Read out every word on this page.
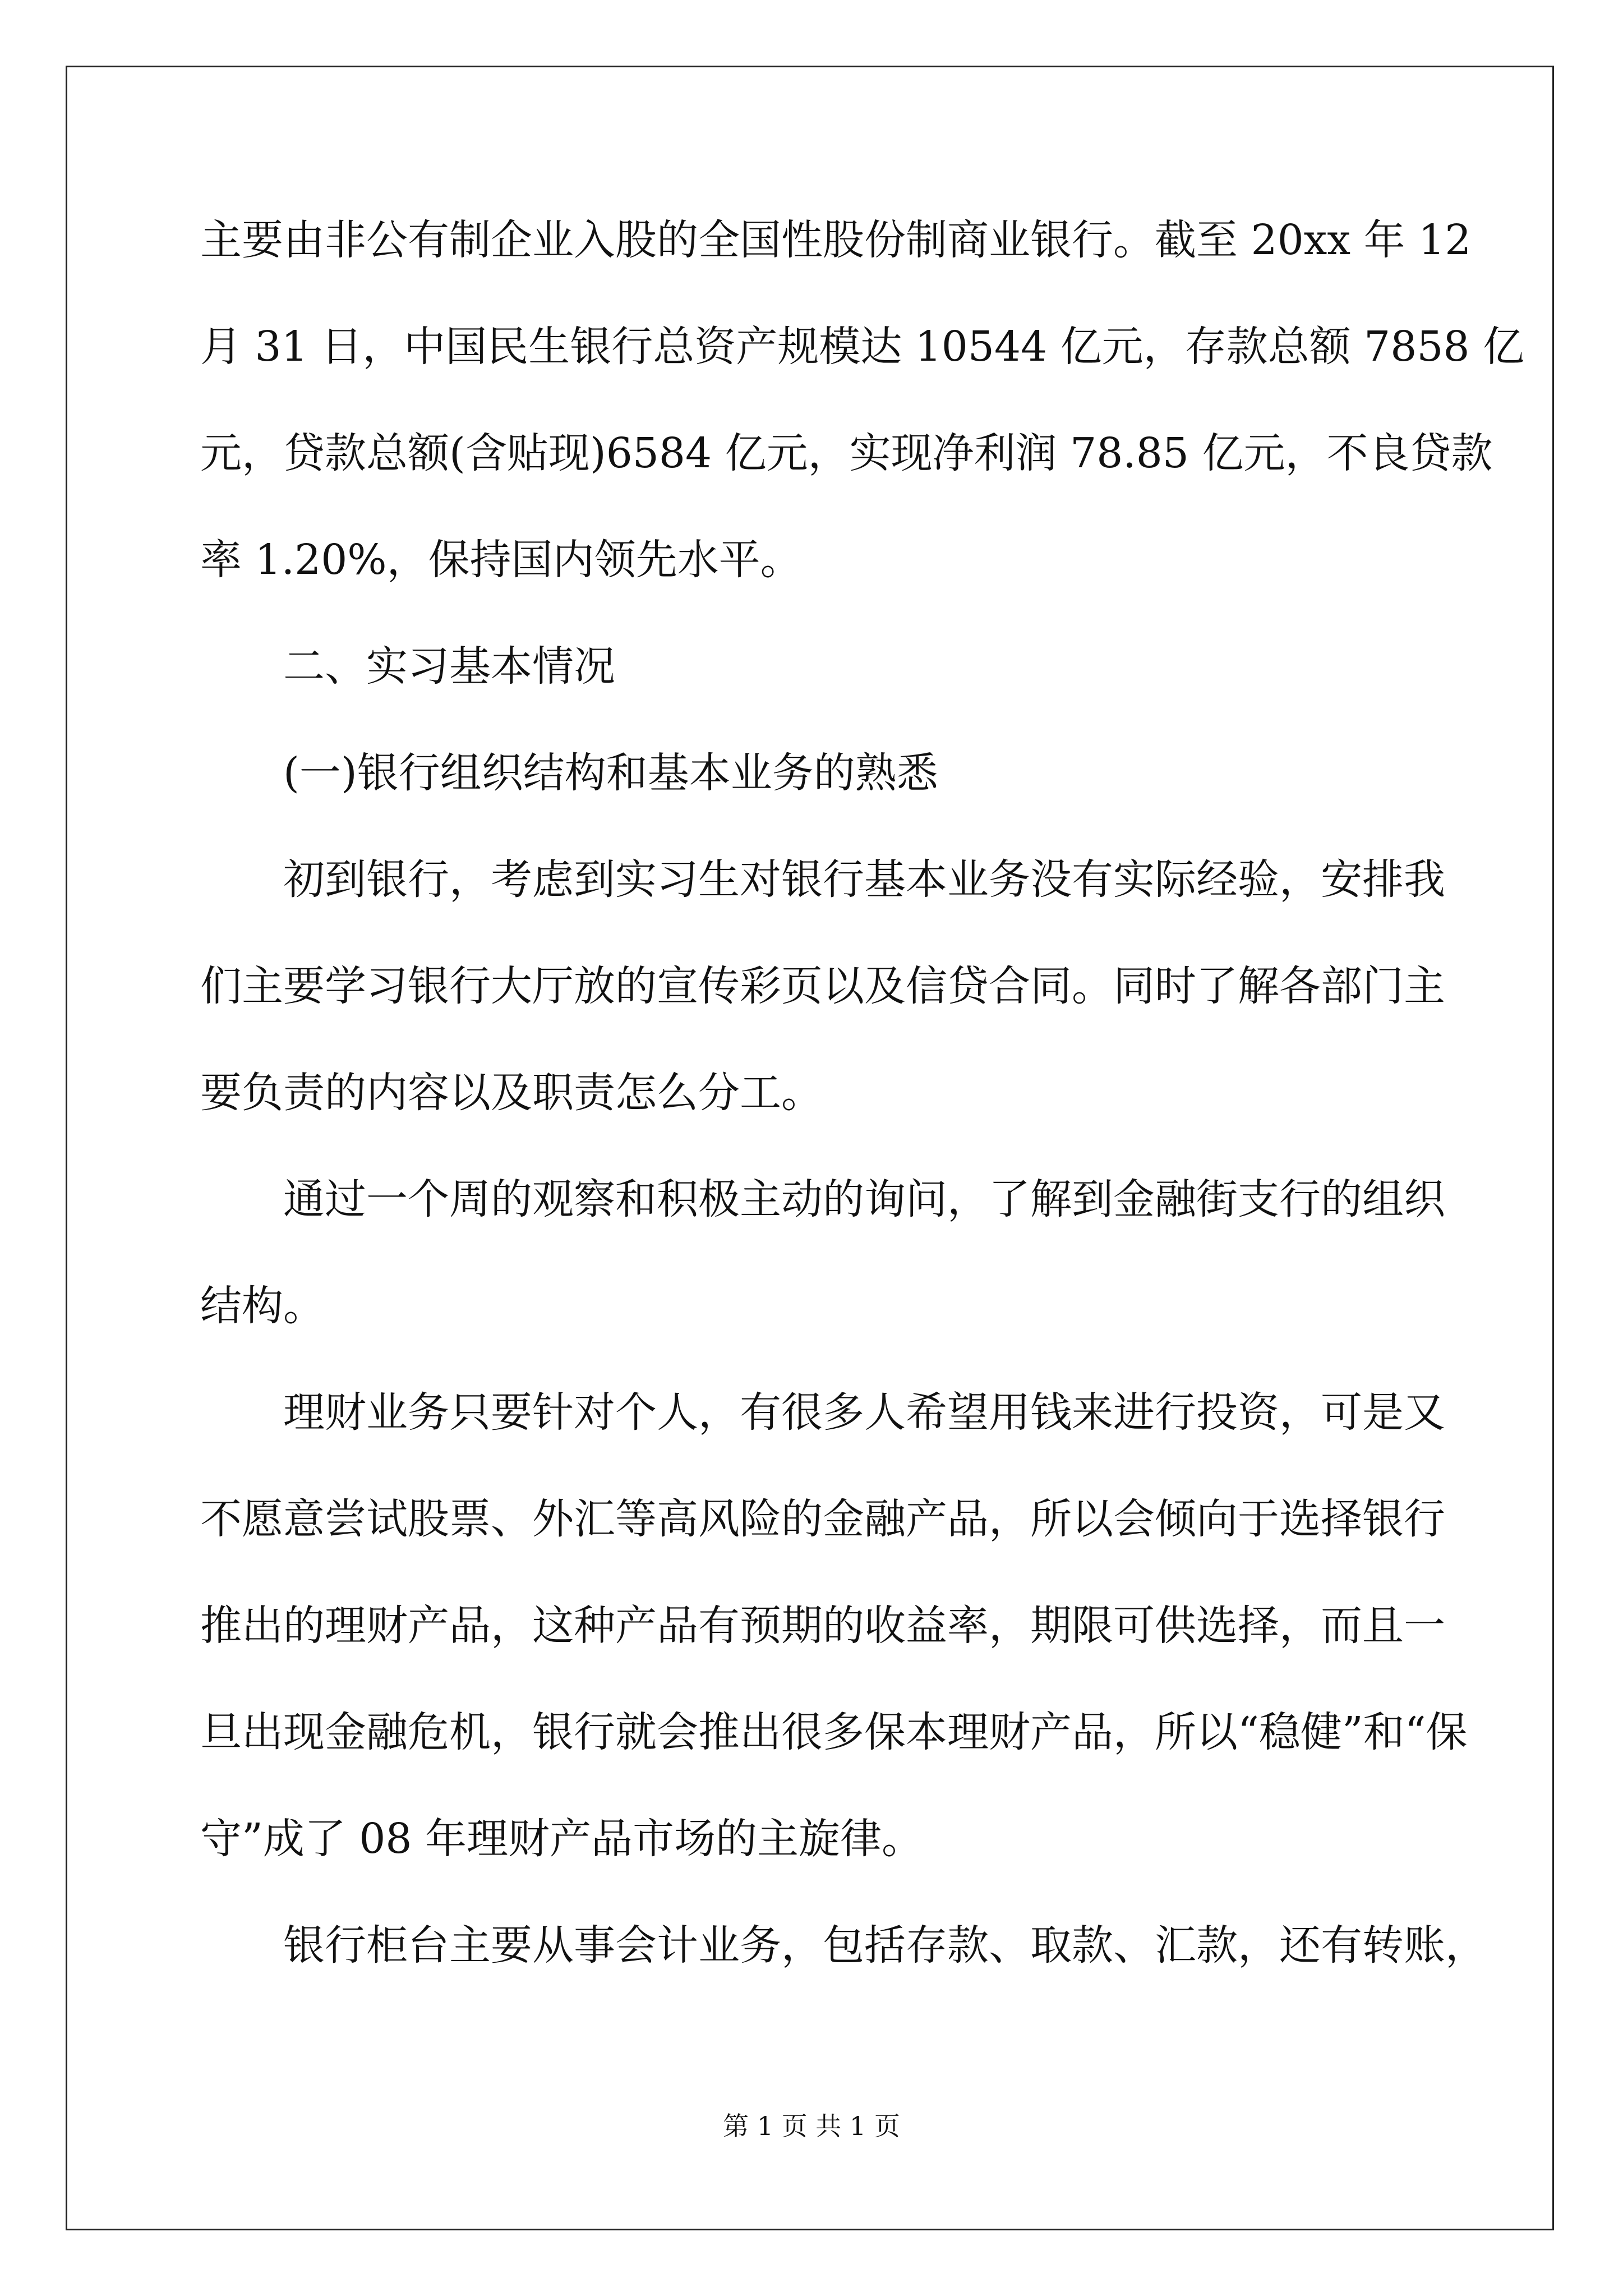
主要由非公有制企业入股的全国性股份制商业银行。截至 20xx 年 12
月 31 日，中国民生银行总资产规模达 10544 亿元，存款总额 7858 亿
元，贷款总额(含贴现)6584 亿元，实现净利润 78.85 亿元，不良贷款
率 1.20%，保持国内领先水平。
二、实习基本情况
(一)银行组织结构和基本业务的熟悉
初到银行，考虑到实习生对银行基本业务没有实际经验，安排我
们主要学习银行大厅放的宣传彩页以及信贷合同。同时了解各部门主
要负责的内容以及职责怎么分工。
通过一个周的观察和积极主动的询问，了解到金融街支行的组织
结构。
理财业务只要针对个人，有很多人希望用钱来进行投资，可是又
不愿意尝试股票、外汇等高风险的金融产品，所以会倾向于选择银行
推出的理财产品，这种产品有预期的收益率，期限可供选择，而且一
旦出现金融危机，银行就会推出很多保本理财产品，所以“稳健”和“保
守”成了 08 年理财产品市场的主旋律。
银行柜台主要从事会计业务，包括存款、取款、汇款，还有转账，
第 1 页 共 1 页
